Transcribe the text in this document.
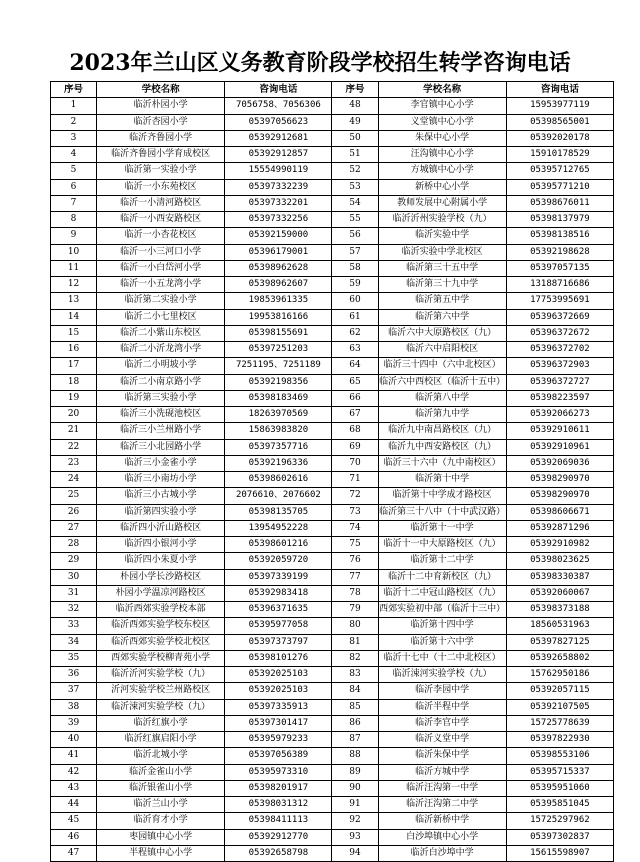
2023年兰山区义务教育阶段学校招生转学咨询电话
序号	学校名称	咨询电话	序号	学校名称	咨询电话
1	临沂朴园小学	7056758、7056306	48	李官镇中心小学	15953977119
2	临沂杏园小学	05397056623	49	义堂镇中心小学	05398565001
3	临沂齐鲁园小学	05392912681	50	朱保中心小学	05392020178
4	临沂齐鲁园小学育成校区	05392912857	51	汪沟镇中心小学	15910178529
5	临沂第一实验小学	15554990119	52	方城镇中心小学	05395712765
6	临沂一小东苑校区	05397332239	53	新桥中心小学	05395771210
7	临沂一小清河路校区	05397332201	54	教师发展中心附属小学	05398676011
8	临沂一小西安路校区	05397332256	55	临沂沂州实验学校（九）	05398137979
9	临沂一小杏花校区	05392159000	56	临沂实验中学	05398138516
10	临沂一小三河口小学	05396179001	57	临沂实验中学北校区	05392198628
11	临沂一小白岱河小学	05398962628	58	临沂第三十五中学	05397057135
12	临沂一小五龙湾小学	05398962607	59	临沂第三十九中学	13188716686
13	临沂第二实验小学	19853961335	60	临沂第五中学	17753995691
14	临沂二小七里校区	19953816166	61	临沂第六中学	05396372669
15	临沂二小紫山东校区	05398155691	62	临沂六中大原路校区（九）	05396372672
16	临沂二小沂龙湾小学	05397251203	63	临沂六中启阳校区	05396372702
17	临沂二小明坡小学	7251195、7251189	64	临沂三十四中（六中北校区）	05396372903
18	临沂二小南京路小学	05392198356	65	临沂六中西校区（临沂十五中）	05396372727
19	临沂第三实验小学	05398183469	66	临沂第八中学	05398223597
20	临沂三小洗砚池校区	18263970569	67	临沂第九中学	05392066273
21	临沂三小兰州路小学	15863983820	68	临沂九中南昌路校区（九）	05392910611
22	临沂三小北园路小学	05397357716	69	临沂九中西安路校区（九）	05392910961
23	临沂三小金雀小学	05392196336	70	临沂三十六中（九中南校区）	05392069036
24	临沂三小南坊小学	05398602616	71	临沂第十中学	05398290970
25	临沂三小古城小学	2076610、2076602	72	临沂第十中学成才路校区	05398290970
26	临沂第四实验小学	05398135705	73	临沂第三十八中（十中武汉路）	05398606671
27	临沂四小沂山路校区	13954952228	74	临沂第十一中学	05392871296
28	临沂四小银河小学	05398601216	75	临沂十一中大原路校区（九）	05392910982
29	临沂四小朱夏小学	05392059720	76	临沂第十二中学	05398023625
30	朴园小学长沙路校区	05397339199	77	临沂十二中育新校区（九）	05398330387
31	朴园小学温凉河路校区	05392983418	78	临沂十二中冠山路校区（九）	05392060067
32	临沂西郊实验学校本部	05396371635	79	西郊实验初中部（临沂十三中）	05398373188
33	临沂西郊实验学校东校区	05395977058	80	临沂第十四中学	18560531963
34	临沂西郊实验学校北校区	05397373797	81	临沂第十六中学	05397827125
35	西郊实验学校柳青苑小学	05398101276	82	临沂十七中（十二中北校区）	05392658802
36	临沂沂河实验学校（九）	05392025103	83	临沂涑河实验学校（九）	15762950186
37	沂河实验学校兰州路校区	05392025103	84	临沂李园中学	05392057115
38	临沂涑河实验学校（九）	05397335913	85	临沂半程中学	05392107505
39	临沂红旗小学	05397301417	86	临沂李官中学	15725778639
40	临沂红旗启阳小学	05395979233	87	临沂义堂中学	05397822930
41	临沂北城小学	05397056389	88	临沂朱保中学	05398553106
42	临沂金雀山小学	05395973310	89	临沂方城中学	05395715337
43	临沂银雀山小学	05398201917	90	临沂汪沟第一中学	05395951060
44	临沂兰山小学	05398031312	91	临沂汪沟第二中学	05395851045
45	临沂育才小学	05398411113	92	临沂新桥中学	15725297962
46	枣园镇中心小学	05392912770	93	白沙埠镇中心小学	05397302837
47	半程镇中心小学	05392658798	94	临沂白沙埠中学	15615598907
